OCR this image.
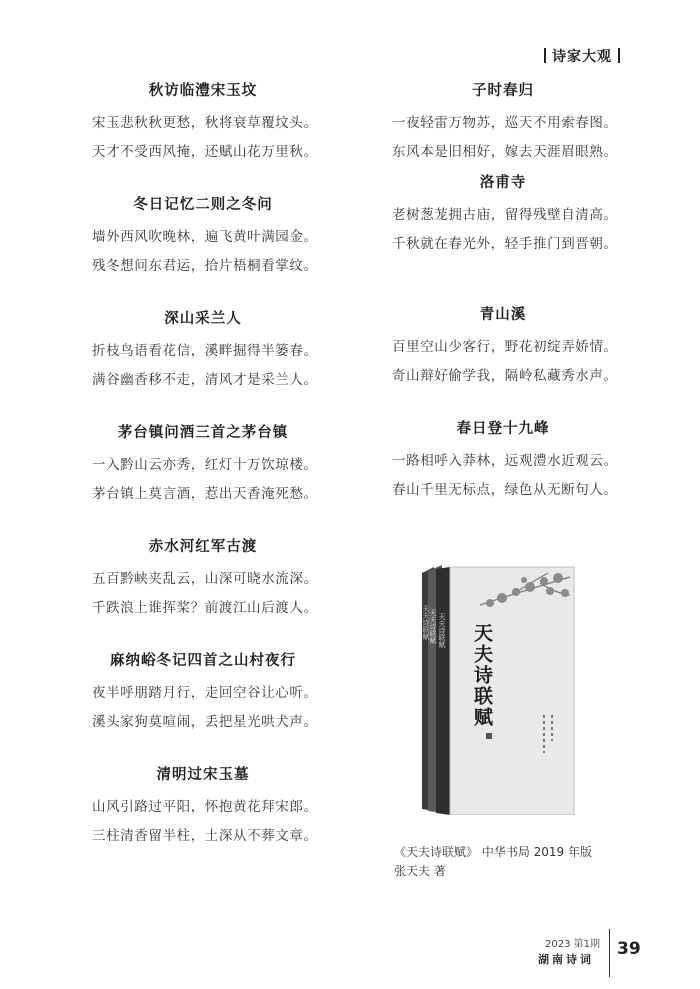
诗家大观
秋访临澧宋玉坟
宋玉悲秋秋更愁，秋将衰草覆坟头。
天才不受西风掩，还赋山花万里秋。
冬日记忆二则之冬问
墙外西风吹晚林，遍飞黄叶满园金。
残冬想问东君运，拾片梧桐看掌纹。
深山采兰人
折枝鸟语看花信，溪畔掘得半篓春。
满谷幽香移不走，清风才是采兰人。
茅台镇问酒三首之茅台镇
一入黔山云亦秀，红灯十万饮琼楼。
茅台镇上莫言酒，惹出天香淹死愁。
赤水河红军古渡
五百黔峡夹乱云，山深可晓水流深。
千跌浪上谁挥桨？前渡江山后渡人。
麻纳峪冬记四首之山村夜行
夜半呼朋踏月行，走回空谷让心听。
溪头家狗莫喧闹，丢把星光哄犬声。
清明过宋玉墓
山风引路过平阳，怀抱黄花拜宋郎。
三柱清香留半柱，土深从不葬文章。
子时春归
一夜轻雷万物苏，巡天不用索春图。
东风本是旧相好，嫁去天涯眉眼熟。
洛甫寺
老树葱茏拥古庙，留得残壁自清高。
千秋就在春光外，轻手推门到晋朝。
青山溪
百里空山少客行，野花初绽弄娇情。
奇山辩好偷学我，隔岭私藏秀水声。
春日登十九峰
一路相呼入莽林，远观澧水近观云。
春山千里无标点，绿色从无断句人。
天夫诗联赋 天夫诗联赋 天夫诗联赋 天夫诗联赋
《天夫诗联赋》 中华书局 2019 年版
张天夫 著
2023 第1期
湖南诗词
39
